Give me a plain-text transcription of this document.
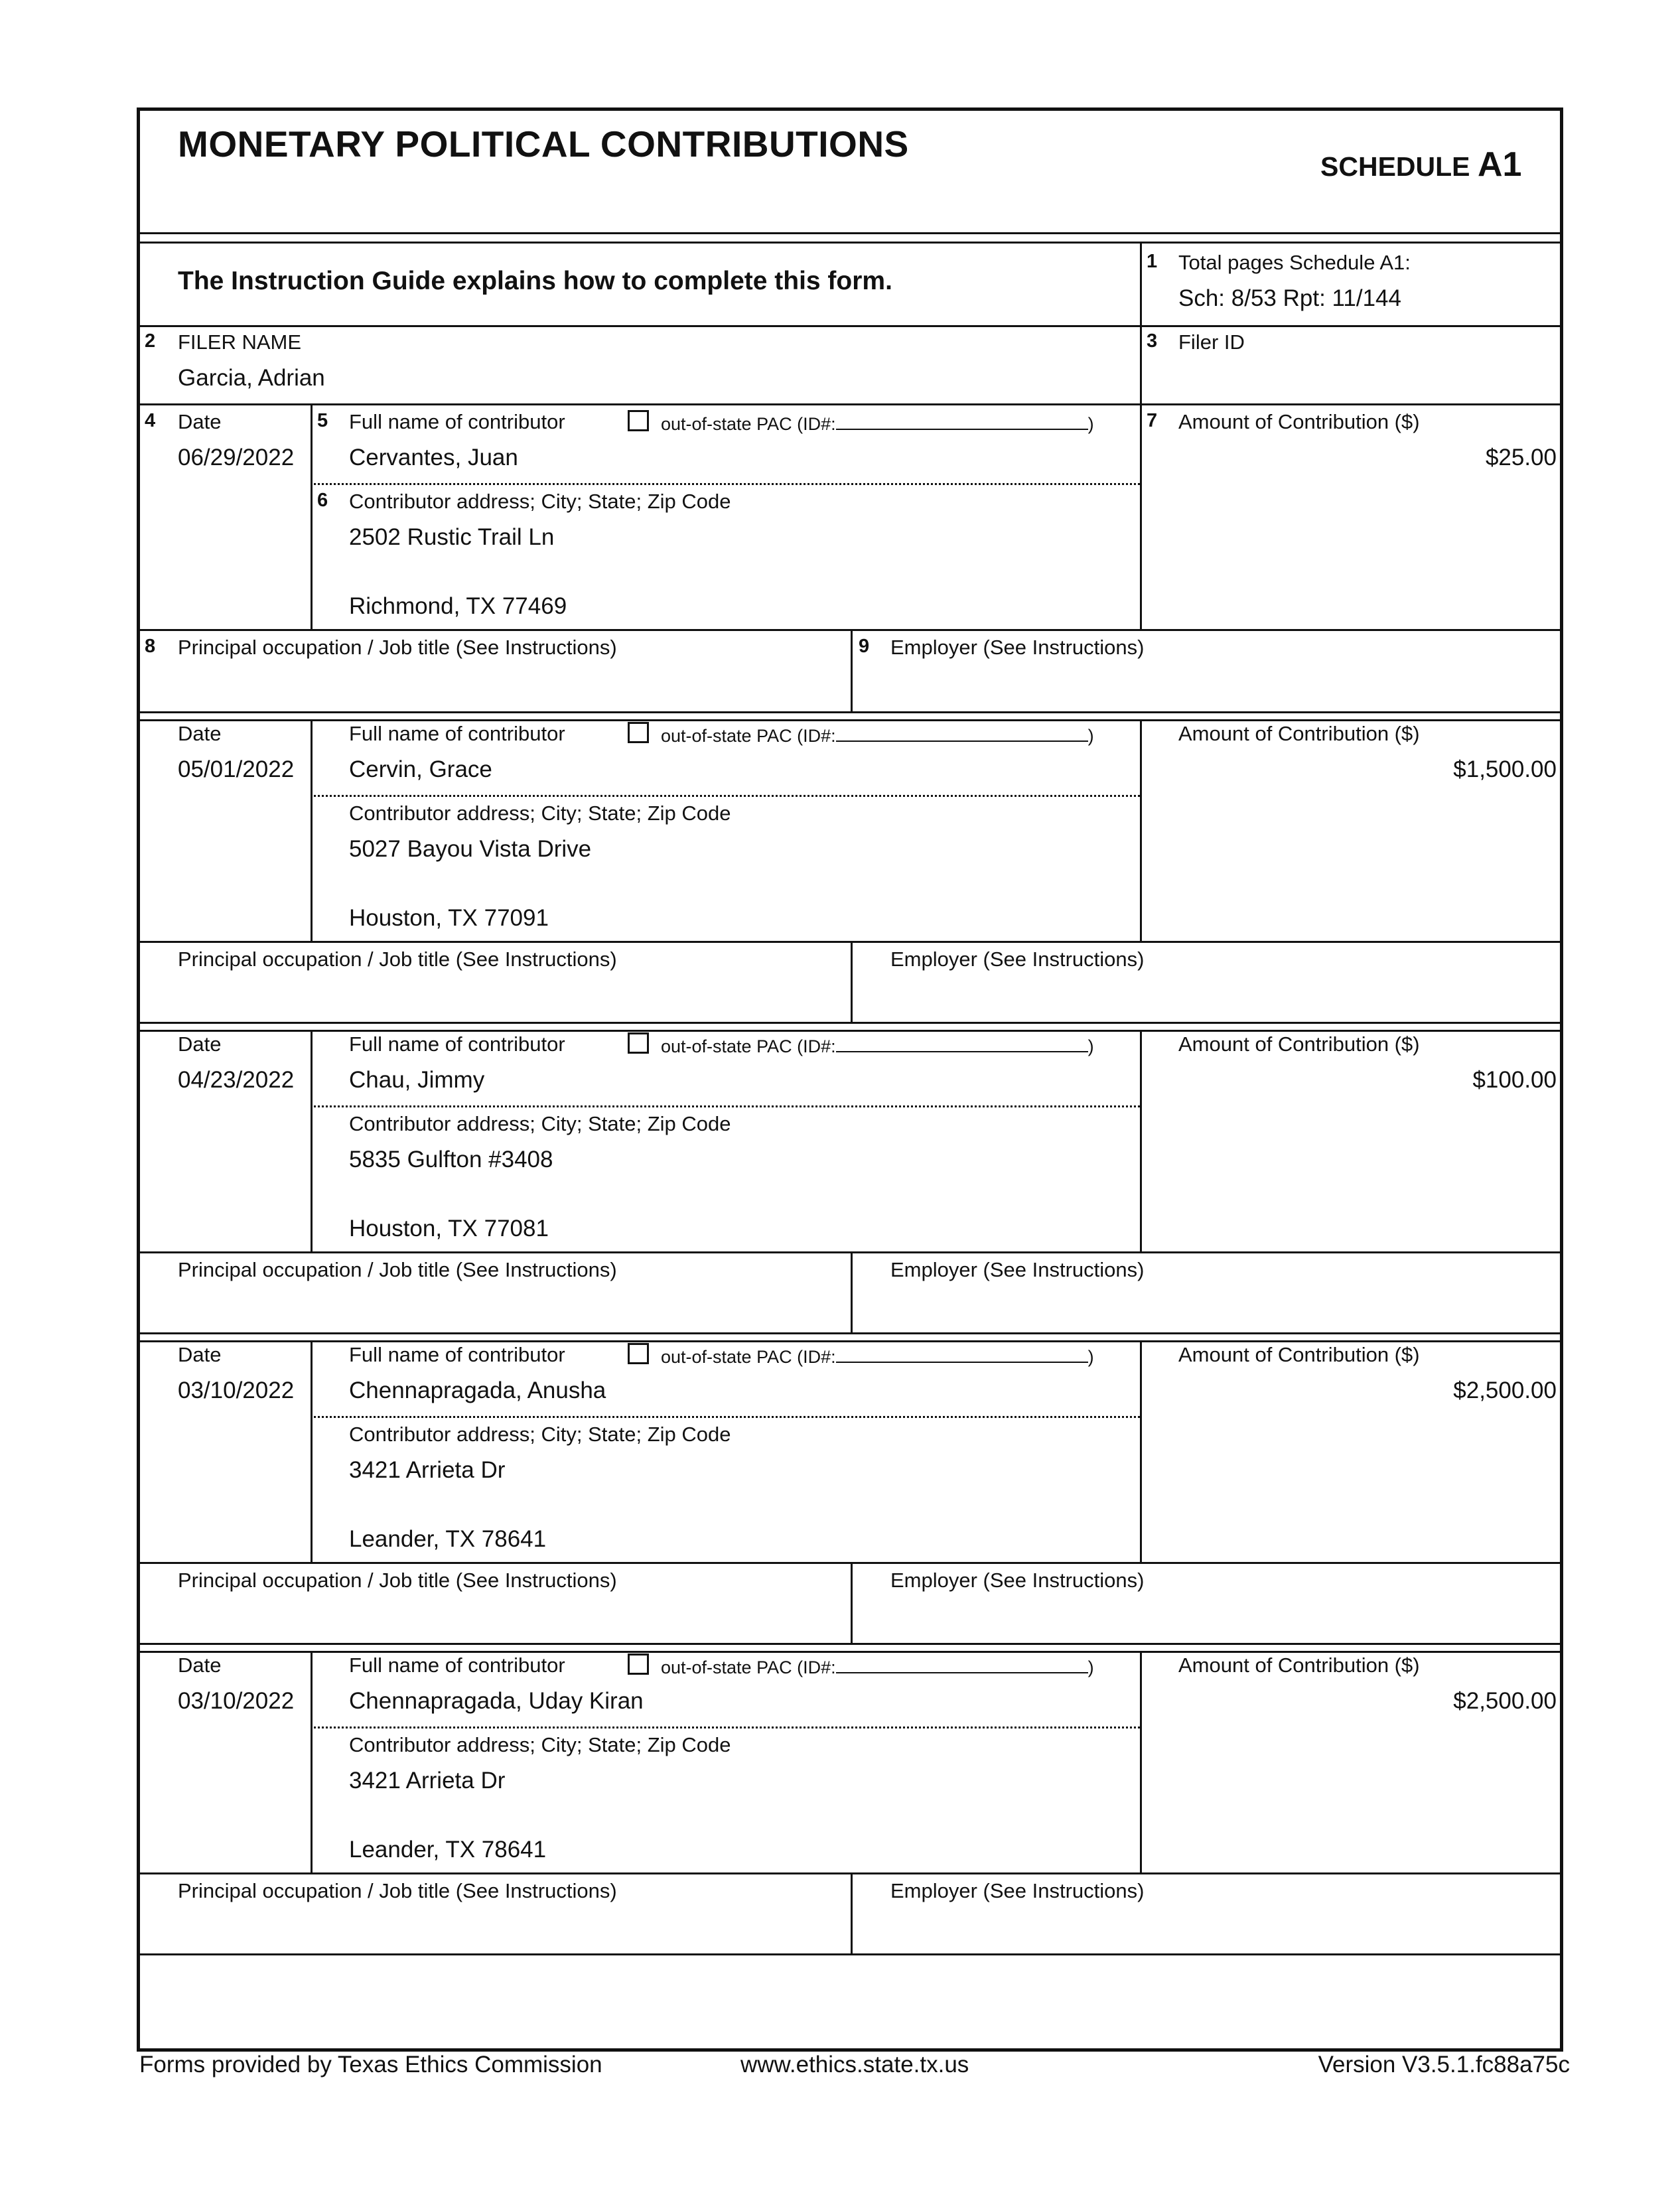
MONETARY POLITICAL CONTRIBUTIONS
SCHEDULE A1
The Instruction Guide explains how to complete this form.
1 Total pages Schedule A1:
Sch: 8/53 Rpt: 11/144
2 FILER NAME
Garcia, Adrian
3 Filer ID
4	5
6
7
Date
06/29/2022
Full name of contributor	out-of-state PAC (ID#:	)
Cervantes, Juan
Contributor address; City; State; Zip Code
2502 Rustic Trail Ln
Richmond, TX 77469
Amount of Contribution ($)
$25.00
8	9
Principal occupation / Job title (See Instructions)	Employer (See Instructions)
Date
05/01/2022
Full name of contributor	out-of-state PAC (ID#:	)
Cervin, Grace
Contributor address; City; State; Zip Code
5027 Bayou Vista Drive
Houston, TX 77091
Amount of Contribution ($)
$1,500.00
Principal occupation / Job title (See Instructions)	Employer (See Instructions)
Date
04/23/2022
Full name of contributor	out-of-state PAC (ID#:	)
Chau, Jimmy
Contributor address; City; State; Zip Code
5835 Gulfton #3408
Houston, TX 77081
Amount of Contribution ($)
$100.00
Principal occupation / Job title (See Instructions)	Employer (See Instructions)
Date
03/10/2022
Full name of contributor	out-of-state PAC (ID#:	)
Chennapragada, Anusha
Contributor address; City; State; Zip Code
3421 Arrieta Dr
Leander, TX 78641
Amount of Contribution ($)
$2,500.00
Principal occupation / Job title (See Instructions)	Employer (See Instructions)
Date
03/10/2022
Full name of contributor	out-of-state PAC (ID#:	)
Chennapragada, Uday Kiran
Contributor address; City; State; Zip Code
3421 Arrieta Dr
Leander, TX 78641
Amount of Contribution ($)
$2,500.00
Principal occupation / Job title (See Instructions)	Employer (See Instructions)
Forms provided by Texas Ethics Commission	www.ethics.state.tx.us	Version V3.5.1.fc88a75c
